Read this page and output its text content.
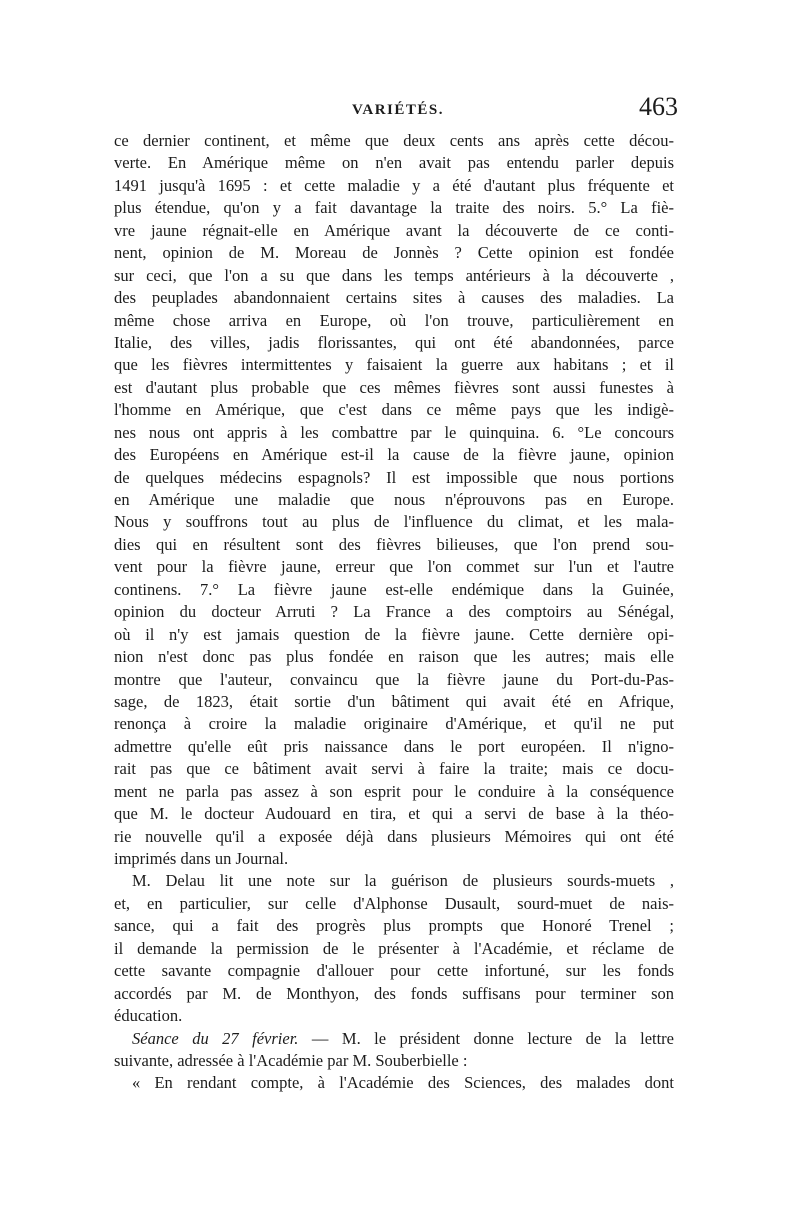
VARIÉTÉS.	463
ce dernier continent, et même que deux cents ans après cette décou-
verte. En Amérique même on n'en avait pas entendu parler depuis
1491 jusqu'à 1695 : et cette maladie y a été d'autant plus fréquente et
plus étendue, qu'on y a fait davantage la traite des noirs. 5.° La fiè-
vre jaune régnait-elle en Amérique avant la découverte de ce conti-
nent, opinion de M. Moreau de Jonnès ? Cette opinion est fondée
sur ceci, que l'on a su que dans les temps antérieurs à la découverte ,
des peuplades abandonnaient certains sites à causes des maladies. La
même chose arriva en Europe, où l'on trouve, particulièrement en
Italie, des villes, jadis florissantes, qui ont été abandonnées, parce
que les fièvres intermittentes y faisaient la guerre aux habitans ; et il
est d'autant plus probable que ces mêmes fièvres sont aussi funestes à
l'homme en Amérique, que c'est dans ce même pays que les indigè-
nes nous ont appris à les combattre par le quinquina. 6. °Le concours
des Européens en Amérique est-il la cause de la fièvre jaune, opinion
de quelques médecins espagnols? Il est impossible que nous portions
en Amérique une maladie que nous n'éprouvons pas en Europe.
Nous y souffrons tout au plus de l'influence du climat, et les mala-
dies qui en résultent sont des fièvres bilieuses, que l'on prend sou-
vent pour la fièvre jaune, erreur que l'on commet sur l'un et l'autre
continens. 7.° La fièvre jaune est-elle endémique dans la Guinée,
opinion du docteur Arruti ? La France a des comptoirs au Sénégal,
où il n'y est jamais question de la fièvre jaune. Cette dernière opi-
nion n'est donc pas plus fondée en raison que les autres; mais elle
montre que l'auteur, convaincu que la fièvre jaune du Port-du-Pas-
sage, de 1823, était sortie d'un bâtiment qui avait été en Afrique,
renonça à croire la maladie originaire d'Amérique, et qu'il ne put
admettre qu'elle eût pris naissance dans le port européen. Il n'igno-
rait pas que ce bâtiment avait servi à faire la traite; mais ce docu-
ment ne parla pas assez à son esprit pour le conduire à la conséquence
que M. le docteur Audouard en tira, et qui a servi de base à la théo-
rie nouvelle qu'il a exposée déjà dans plusieurs Mémoires qui ont été
imprimés dans un Journal.
M. Delau lit une note sur la guérison de plusieurs sourds-muets ,
et, en particulier, sur celle d'Alphonse Dusault, sourd-muet de nais-
sance, qui a fait des progrès plus prompts que Honoré Trenel ;
il demande la permission de le présenter à l'Académie, et réclame de
cette savante compagnie d'allouer pour cette infortuné, sur les fonds
accordés par M. de Monthyon, des fonds suffisans pour terminer son
éducation.
Séance du 27 février. — M. le président donne lecture de la lettre
suivante, adressée à l'Académie par M. Souberbielle :
« En rendant compte, à l'Académie des Sciences, des malades dont
